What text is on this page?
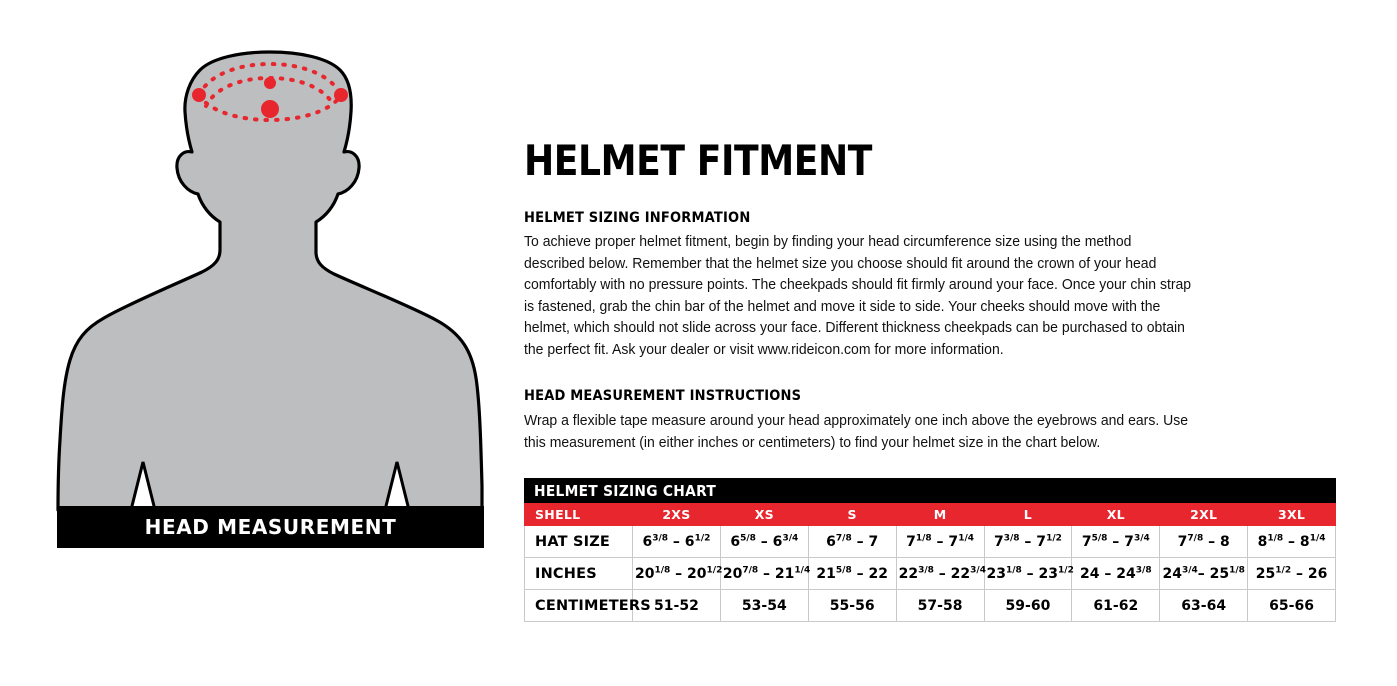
HEAD MEASUREMENT
HELMET FITMENT
HELMET SIZING INFORMATION
To achieve proper helmet fitment, begin by finding your head circumference size using the method described below. Remember that the helmet size you choose should fit around the crown of your head comfortably with no pressure points. The cheekpads should fit firmly around your face. Once your chin strap is fastened, grab the chin bar of the helmet and move it side to side. Your cheeks should move with the helmet, which should not slide across your face. Different thickness cheekpads can be purchased to obtain the perfect fit. Ask your dealer or visit www.rideicon.com for more information.
HEAD MEASUREMENT INSTRUCTIONS
Wrap a flexible tape measure around your head approximately one inch above the eyebrows and ears. Use this measurement (in either inches or centimeters) to find your helmet size in the chart below.
HELMET SIZING CHART
SHELL	2XS	XS	S	M	L	XL	2XL	3XL
HAT SIZE	$6^{3/8} - 6^{1/2}$	$6^{5/8} - 6^{3/4}$	$6^{7/8} - 7$	$7^{1/8} - 7^{1/4}$	$7^{3/8} - 7^{1/2}$	$7^{5/8} - 7^{3/4}$	$7^{7/8} - 8$	$8^{1/8} - 8^{1/4}$
INCHES	$20^{1/8} - 20^{1/2}$	$20^{7/8} - 21^{1/4}$	$21^{5/8} - 22$	$22^{3/8} - 22^{3/4}$	$23^{1/8} - 23^{1/2}$	$24 - 24^{3/8}$	$24^{3/4}-$ $25^{1/8}$	$25^{1/2} - 26$
CENTIMETERS	51-52	53-54	55-56	57-58	59-60	61-62	63-64	65-66
